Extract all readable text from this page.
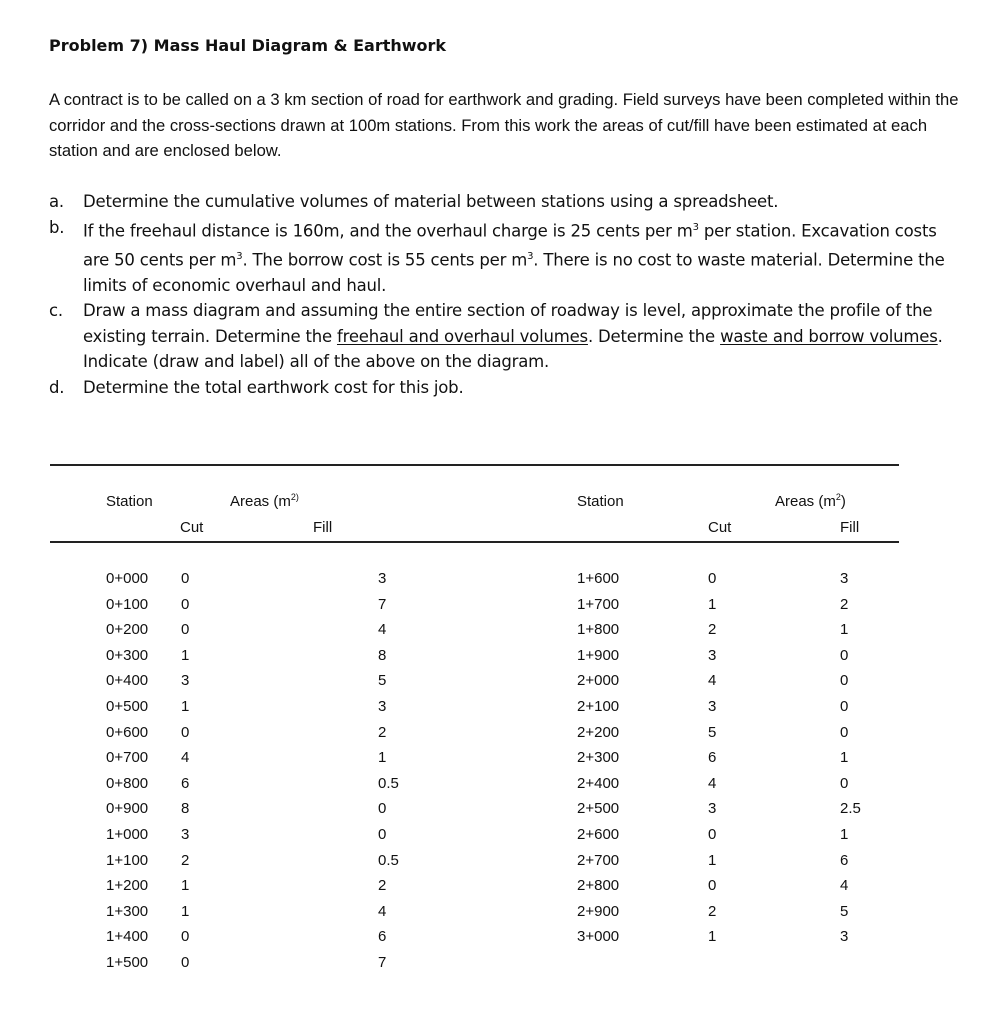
Problem 7) Mass Haul Diagram & Earthwork

A contract is to be called on a 3 km section of road for earthwork and grading. Field surveys have been completed within the corridor and the cross-sections drawn at 100m stations. From this work the areas of cut/fill have been estimated at each station and are enclosed below.

a. Determine the cumulative volumes of material between stations using a spreadsheet.
b. If the freehaul distance is 160m, and the overhaul charge is 25 cents per $m^3$ per station. Excavation costs are 50 cents per $m^3$. The borrow cost is 55 cents per $m^3$. There is no cost to waste material. Determine the limits of economic overhaul and haul.
c. Draw a mass diagram and assuming the entire section of roadway is level, approximate the profile of the existing terrain. Determine the freehaul and overhaul volumes. Determine the waste and borrow volumes. Indicate (draw and label) all of the above on the diagram.
d. Determine the total earthwork cost for this job.
Station	Areas ($m^{2)}$
Cut	Fill
Station	Areas $(m^2)$
Cut	Fill
0+000 0	3
0+100 0	7
0+200 0	4
0+300 1	8
0+400 3	5
0+500 1	3
0+600 0	2
0+700 4	1
0+800 6	0.5
0+900 8	0
1+000 3	0
1+100 2	0.5
1+200 1	2
1+300 1	4
1+400 0	6
1+500 0	7
1+600	0	3
1+700	1	2
1+800	2	1
1+900	3	0
2+000	4	0
2+100	3	0
2+200	5	0
2+300	6	1
2+400	4	0
2+500	3	2.5
2+600	0	1
2+700	1	6
2+800	0	4
2+900	2	5
3+000	1	3
